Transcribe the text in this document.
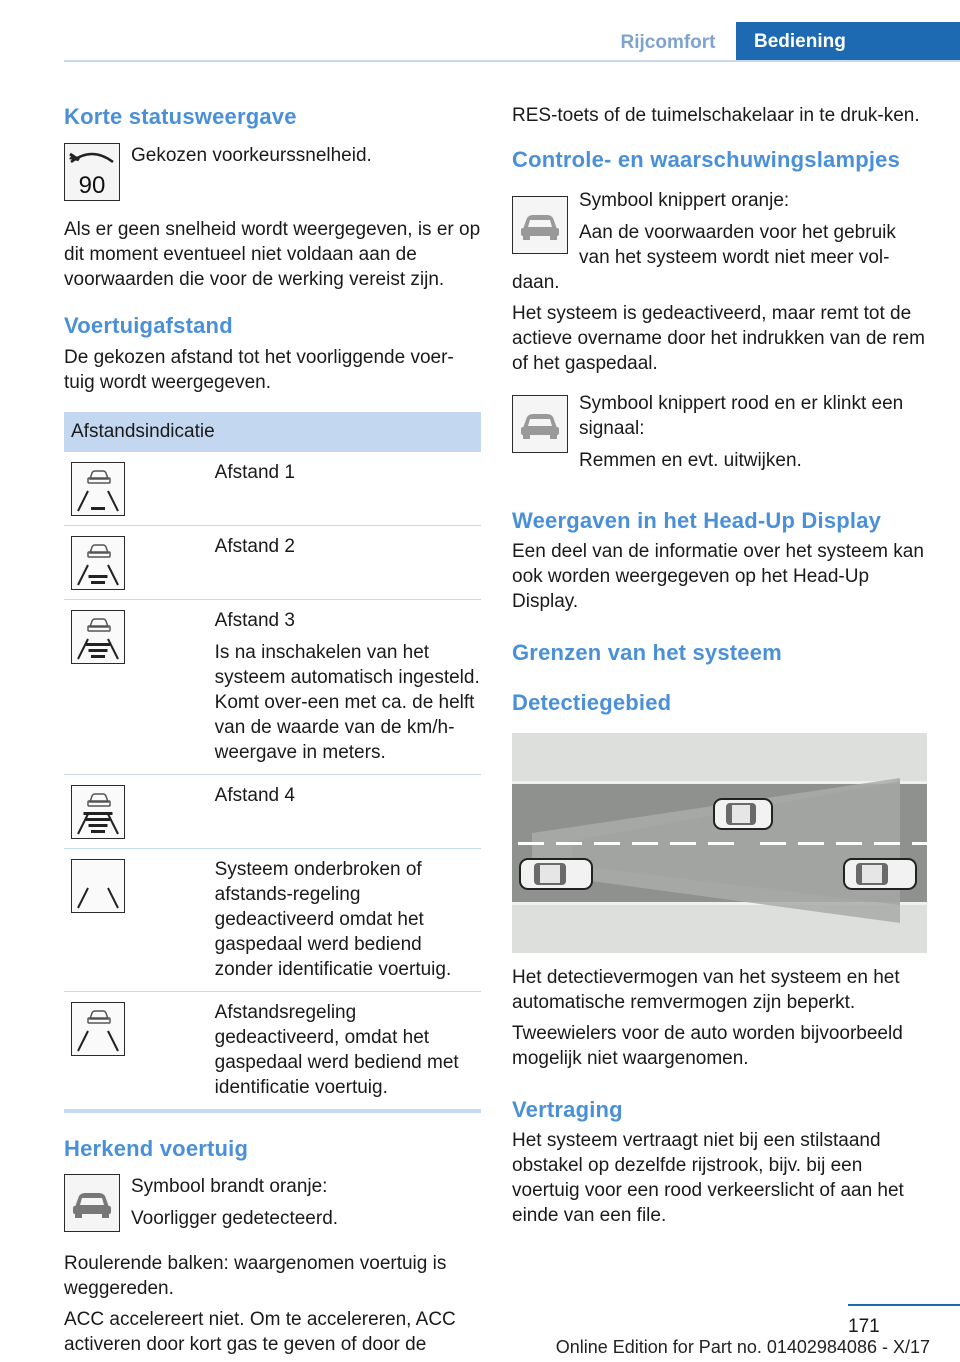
Rijcomfort	Bediening
Korte statusweergave
90

Gekozen voorkeurssnelheid.

Als er geen snelheid wordt weergegeven, is er op dit moment eventueel niet voldaan aan de voorwaarden die voor de werking vereist zijn.

Voertuigafstand

De gekozen afstand tot het voorliggende voer-tuig wordt weergegeven.

Afstandsindicatie	

Afstand 1

Afstand 2

Afstand 3

Is na inschakelen van het systeem automatisch ingesteld. Komt over-een met ca. de helft van de waarde van de km/h-weergave in meters.

Afstand 4

Systeem onderbroken of afstands-regeling gedeactiveerd omdat het gaspedaal werd bediend zonder identificatie voertuig.

Afstandsregeling gedeactiveerd, omdat het gaspedaal werd bediend met identificatie voertuig.

Herkend voertuig

Symbool brandt oranje:

Voorligger gedetecteerd.

Roulerende balken: waargenomen voertuig is weggereden.

ACC accelereert niet. Om te accelereren, ACC activeren door kort gas te geven of door de

RES-toets of de tuimelschakelaar in te druk-ken.

Controle- en waarschuwingslampjes

Symbool knippert oranje:

Aan de voorwaarden voor het gebruik van het systeem wordt niet meer vol-

daan.

Het systeem is gedeactiveerd, maar remt tot de actieve overname door het indrukken van de rem of het gaspedaal.

Symbool knippert rood en er klinkt een signaal:

Remmen en evt. uitwijken.

Weergaven in het Head-Up Display

Een deel van de informatie over het systeem kan ook worden weergegeven op het Head-Up Display.

Grenzen van het systeem
Detectiegebied

Het detectievermogen van het systeem en het automatische remvermogen zijn beperkt.

Tweewielers voor de auto worden bijvoorbeeld mogelijk niet waargenomen.

Vertraging

Het systeem vertraagt niet bij een stilstaand obstakel op dezelfde rijstrook, bijv. bij een voertuig voor een rood verkeerslicht of aan het einde van een file.

171
Online Edition for Part no. 01402984086 - X/17
